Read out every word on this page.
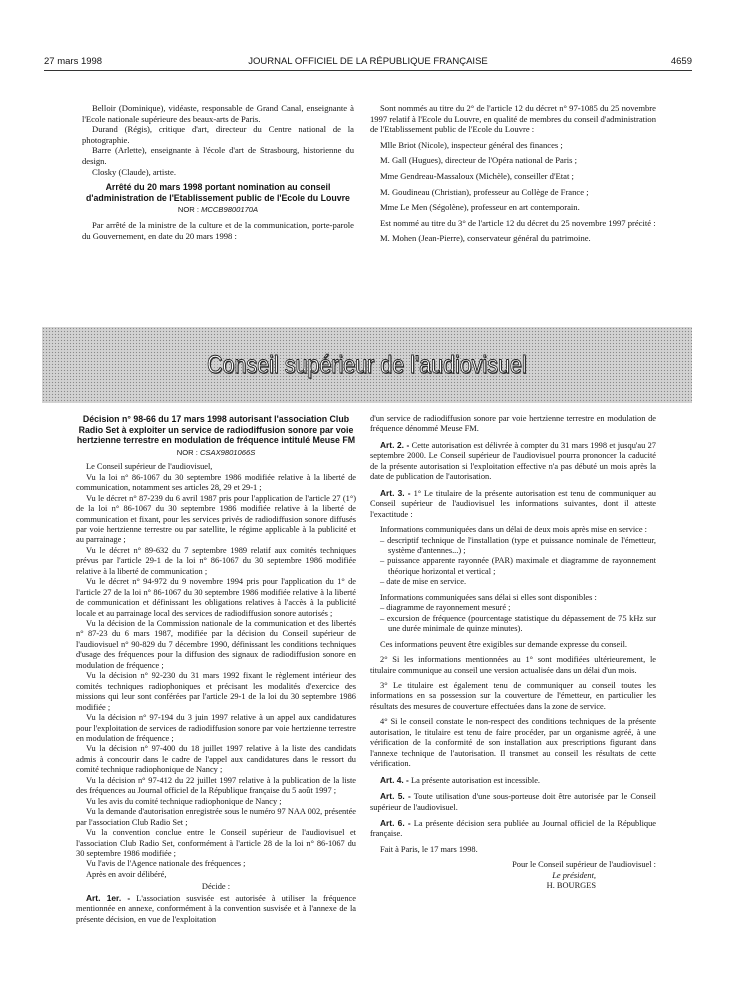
27 mars 1998	JOURNAL OFFICIEL DE LA RÉPUBLIQUE FRANÇAISE	4659

Belloir (Dominique), vidéaste, responsable de Grand Canal, enseignante à l'Ecole nationale supérieure des beaux-arts de Paris.

Durand (Régis), critique d'art, directeur du Centre national de la photographie.

Barre (Arlette), enseignante à l'école d'art de Strasbourg, historienne du design.

Closky (Claude), artiste.

Arrêté du 20 mars 1998 portant nomination au conseil d'administration de l'Etablissement public de l'Ecole du Louvre

NOR : MCCB9800170A

Par arrêté de la ministre de la culture et de la communication, porte-parole du Gouvernement, en date du 20 mars 1998 :

Sont nommés au titre du 2° de l'article 12 du décret n° 97-1085 du 25 novembre 1997 relatif à l'Ecole du Louvre, en qualité de membres du conseil d'administration de l'Etablissement public de l'Ecole du Louvre :

Mlle Briot (Nicole), inspecteur général des finances ;

M. Gall (Hugues), directeur de l'Opéra national de Paris ;

Mme Gendreau-Massaloux (Michèle), conseiller d'Etat ;

M. Goudineau (Christian), professeur au Collège de France ;

Mme Le Men (Ségolène), professeur en art contemporain.

Est nommé au titre du 3° de l'article 12 du décret du 25 novembre 1997 précité :

M. Mohen (Jean-Pierre), conservateur général du patrimoine.

Conseil supérieur de l'audiovisuel

Décision n° 98-66 du 17 mars 1998 autorisant l'association Club Radio Set à exploiter un service de radiodiffusion sonore par voie hertzienne terrestre en modulation de fréquence intitulé Meuse FM

NOR : CSAX9801066S

Le Conseil supérieur de l'audiovisuel,

Vu la loi n° 86-1067 du 30 septembre 1986 modifiée relative à la liberté de communication, notamment ses articles 28, 29 et 29-1 ;

Vu le décret n° 87-239 du 6 avril 1987 pris pour l'application de l'article 27 (1°) de la loi n° 86-1067 du 30 septembre 1986 modifiée relative à la liberté de communication et fixant, pour les services privés de radiodiffusion sonore diffusés par voie hertzienne terrestre ou par satellite, le régime applicable à la publicité et au parrainage ;

Vu le décret n° 89-632 du 7 septembre 1989 relatif aux comités techniques prévus par l'article 29-1 de la loi n° 86-1067 du 30 septembre 1986 modifiée relative à la liberté de communication ;

Vu le décret n° 94-972 du 9 novembre 1994 pris pour l'application du 1° de l'article 27 de la loi n° 86-1067 du 30 septembre 1986 modifiée relative à la liberté de communication et définissant les obligations relatives à l'accès à la publicité locale et au parrainage local des services de radiodiffusion sonore autorisés ;

Vu la décision de la Commission nationale de la communication et des libertés n° 87-23 du 6 mars 1987, modifiée par la décision du Conseil supérieur de l'audiovisuel n° 90-829 du 7 décembre 1990, définissant les conditions techniques d'usage des fréquences pour la diffusion des signaux de radiodiffusion sonore en modulation de fréquence ;

Vu la décision n° 92-230 du 31 mars 1992 fixant le règlement intérieur des comités techniques radiophoniques et précisant les modalités d'exercice des missions qui leur sont conférées par l'article 29-1 de la loi du 30 septembre 1986 modifiée ;

Vu la décision n° 97-194 du 3 juin 1997 relative à un appel aux candidatures pour l'exploitation de services de radiodiffusion sonore par voie hertzienne terrestre en modulation de fréquence ;

Vu la décision n° 97-400 du 18 juillet 1997 relative à la liste des candidats admis à concourir dans le cadre de l'appel aux candidatures dans le ressort du comité technique radiophonique de Nancy ;

Vu la décision n° 97-412 du 22 juillet 1997 relative à la publication de la liste des fréquences au Journal officiel de la République française du 5 août 1997 ;

Vu les avis du comité technique radiophonique de Nancy ;

Vu la demande d'autorisation enregistrée sous le numéro 97 NAA 002, présentée par l'association Club Radio Set ;

Vu la convention conclue entre le Conseil supérieur de l'audiovisuel et l'association Club Radio Set, conformément à l'article 28 de la loi n° 86-1067 du 30 septembre 1986 modifiée ;

Vu l'avis de l'Agence nationale des fréquences ;

Après en avoir délibéré,

Décide :

Art. 1er. - L'association susvisée est autorisée à utiliser la fréquence mentionnée en annexe, conformément à la convention susvisée et à l'annexe de la présente décision, en vue de l'exploitation

d'un service de radiodiffusion sonore par voie hertzienne terrestre en modulation de fréquence dénommé Meuse FM.

Art. 2. - Cette autorisation est délivrée à compter du 31 mars 1998 et jusqu'au 27 septembre 2000. Le Conseil supérieur de l'audiovisuel pourra prononcer la caducité de la présente autorisation si l'exploitation effective n'a pas débuté un mois après la date de publication de l'autorisation.

Art. 3. - 1° Le titulaire de la présente autorisation est tenu de communiquer au Conseil supérieur de l'audiovisuel les informations suivantes, dont il atteste l'exactitude :

Informations communiquées dans un délai de deux mois après mise en service :

– descriptif technique de l'installation (type et puissance nominale de l'émetteur, système d'antennes...) ;

– puissance apparente rayonnée (PAR) maximale et diagramme de rayonnement théorique horizontal et vertical ;

– date de mise en service.

Informations communiquées sans délai si elles sont disponibles :

– diagramme de rayonnement mesuré ;

– excursion de fréquence (pourcentage statistique du dépassement de 75 kHz sur une durée minimale de quinze minutes).

Ces informations peuvent être exigibles sur demande expresse du conseil.

2° Si les informations mentionnées au 1° sont modifiées ultérieurement, le titulaire communique au conseil une version actualisée dans un délai d'un mois.

3° Le titulaire est également tenu de communiquer au conseil toutes les informations en sa possession sur la couverture de l'émetteur, en particulier les résultats des mesures de couverture effectuées dans la zone de service.

4° Si le conseil constate le non-respect des conditions techniques de la présente autorisation, le titulaire est tenu de faire procéder, par un organisme agréé, à une vérification de la conformité de son installation aux prescriptions figurant dans l'annexe technique de l'autorisation. Il transmet au conseil les résultats de cette vérification.

Art. 4. - La présente autorisation est incessible.

Art. 5. - Toute utilisation d'une sous-porteuse doit être autorisée par le Conseil supérieur de l'audiovisuel.

Art. 6. - La présente décision sera publiée au Journal officiel de la République française.

Fait à Paris, le 17 mars 1998.

Pour le Conseil supérieur de l'audiovisuel :

Le président,

H. BOURGES
